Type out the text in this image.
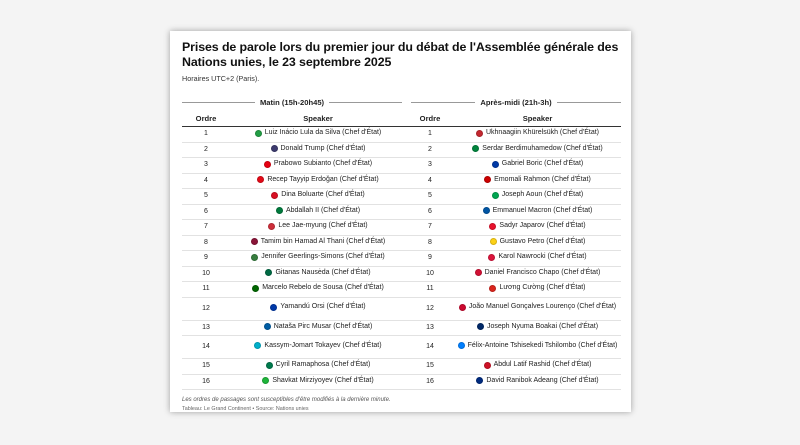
Prises de parole lors du premier jour du débat de l'Assemblée générale des Nations unies, le 23 septembre 2025
Horaires UTC+2 (Paris).
Matin (15h-20h45)	Après-midi (21h-3h)
Ordre	Speaker	Ordre	Speaker
1	Luiz Inácio Lula da Silva (Chef d'État)	1	Ukhnaagiin Khürelsükh (Chef d'État)

2	Donald Trump (Chef d'État)	2	Serdar Berdimuhamedow (Chef d'État)

3	Prabowo Subianto (Chef d'État)	3	Gabriel Boric (Chef d'État)

4	Recep Tayyip Erdoğan (Chef d'État)	4	Emomali Rahmon (Chef d'État)

5	Dina Boluarte (Chef d'État)	5	Joseph Aoun (Chef d'État)

6	Abdallah II (Chef d'État)	6	Emmanuel Macron (Chef d'État)

7	Lee Jae-myung (Chef d'État)	7	Sadyr Japarov (Chef d'État)

8	Tamim bin Hamad Al Thani (Chef d'État)	8	Gustavo Petro (Chef d'État)

9	Jennifer Geerlings-Simons (Chef d'État)	9	Karol Nawrocki (Chef d'État)

10	Gitanas Nausėda (Chef d'État)	10	Daniel Francisco Chapo (Chef d'État)

11	Marcelo Rebelo de Sousa (Chef d'État)	11	Lương Cường (Chef d'État)

12	Yamandú Orsi (Chef d'État)	12	João Manuel Gonçalves Lourenço (Chef d'État)

13	Nataša Pirc Musar (Chef d'État)	13	Joseph Nyuma Boakai (Chef d'État)

14	Kassym-Jomart Tokayev (Chef d'État)	14	Félix-Antoine Tshisekedi Tshilombo (Chef d'État)

15	Cyril Ramaphosa (Chef d'État)	15	Abdul Latif Rashid (Chef d'État)

16	Shavkat Mirziyoyev (Chef d'État)	16	David Ranibok Adeang (Chef d'État)
Les ordres de passages sont susceptibles d'être modifiés à la dernière minute.
Tableau: Le Grand Continent • Source: Nations unies
